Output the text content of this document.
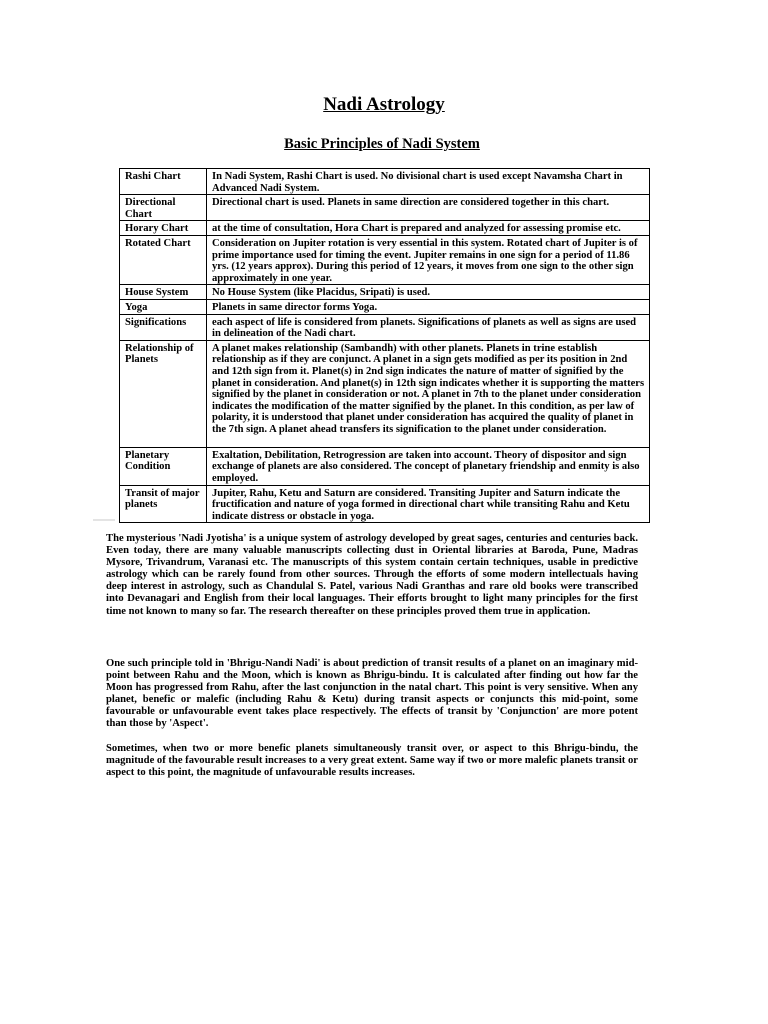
Nadi Astrology
Basic Principles of Nadi System
Rashi Chart	In Nadi System, Rashi Chart is used. No divisional chart is used except Navamsha Chart in Advanced Nadi System.
Directional Chart	Directional chart is used. Planets in same direction are considered together in this chart.
Horary Chart	at the time of consultation, Hora Chart is prepared and analyzed for assessing promise etc.
Rotated Chart	Consideration on Jupiter rotation is very essential in this system. Rotated chart of Jupiter is of prime importance used for timing the event. Jupiter remains in one sign for a period of 11.86 yrs. (12 years approx). During this period of 12 years, it moves from one sign to the other sign approximately in one year.
House System	No House System (like Placidus, Sripati) is used.
Yoga	Planets in same director forms Yoga.
Significations	each aspect of life is considered from planets. Significations of planets as well as signs are used in delineation of the Nadi chart.
Relationship of Planets	A planet makes relationship (Sambandh) with other planets. Planets in trine establish relationship as if they are conjunct. A planet in a sign gets modified as per its position in 2nd and 12th sign from it. Planet(s) in 2nd sign indicates the nature of matter of signified by the planet in consideration. And planet(s) in 12th sign indicates whether it is supporting the matters signified by the planet in consideration or not. A planet in 7th to the planet under consideration indicates the modification of the matter signified by the planet. In this condition, as per law of polarity, it is understood that planet under consideration has acquired the quality of planet in the 7th sign. A planet ahead transfers its signification to the planet under consideration.
Planetary Condition	Exaltation, Debilitation, Retrogression are taken into account. Theory of dispositor and sign exchange of planets are also considered. The concept of planetary friendship and enmity is also employed.
Transit of major planets	Jupiter, Rahu, Ketu and Saturn are considered. Transiting Jupiter and Saturn indicate the fructification and nature of yoga formed in directional chart while transiting Rahu and Ketu indicate distress or obstacle in yoga.

The mysterious 'Nadi Jyotisha' is a unique system of astrology developed by great sages, centuries and centuries back. Even today, there are many valuable manuscripts collecting dust in Oriental libraries at Baroda, Pune, Madras Mysore, Trivandrum, Varanasi etc. The manuscripts of this system contain certain techniques, usable in predictive astrology which can be rarely found from other sources. Through the efforts of some modern intellectuals having deep interest in astrology, such as Chandulal S. Patel, various Nadi Granthas and rare old books were transcribed into Devanagari and English from their local languages. Their efforts brought to light many principles for the first time not known to many so far. The research thereafter on these principles proved them true in application.

One such principle told in 'Bhrigu-Nandi Nadi' is about prediction of transit results of a planet on an imaginary mid-point between Rahu and the Moon, which is known as Bhrigu-bindu. It is calculated after finding out how far the Moon has progressed from Rahu, after the last conjunction in the natal chart. This point is very sensitive. When any planet, benefic or malefic (including Rahu & Ketu) during transit aspects or conjuncts this mid-point, some favourable or unfavourable event takes place respectively. The effects of transit by 'Conjunction' are more potent than those by 'Aspect'.

Sometimes, when two or more benefic planets simultaneously transit over, or aspect to this Bhrigu-bindu, the magnitude of the favourable result increases to a very great extent. Same way if two or more malefic planets transit or aspect to this point, the magnitude of unfavourable results increases.
